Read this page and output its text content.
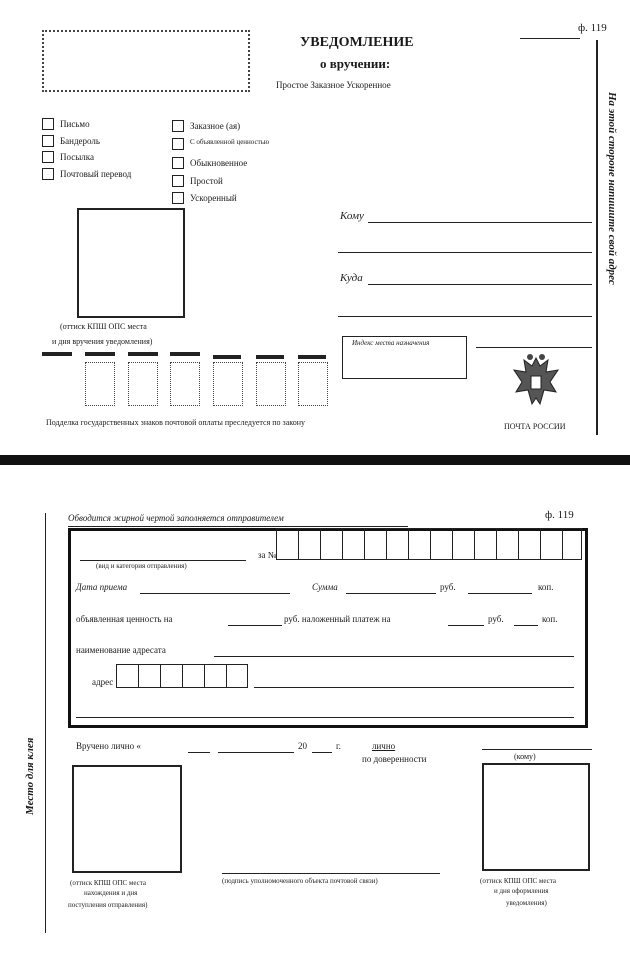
УВЕДОМЛЕНИЕ
о вручении:
Простое Заказное Ускоренное
ф. 119
На этой стороне напишите свой адрес
Письмо
Бандероль
Посылка
Почтовый перевод
Заказное (ая)
С объявленной ценностью
Обыкновенное
Простой
Ускоренный
(оттиск КПШ ОПС места
и дня вручения уведомления)
Подделка государственных знаков почтовой оплаты преследуется по закону
Кому
Куда
Индекс места назначения
ПОЧТА РОССИИ
Место для клея
Обводится жирной чертой заполняется отправителем	ф. 119
(вид и категория отправления)
за №
Дата приема	Сумма	руб.	коп.
объявленная ценность на	руб. наложенный платеж на	руб.	коп.
наименование адресата
адрес
Вручено лично «	20	г.	лично
по доверенности	(кому)
(оттиск КПШ ОПС места
нахождения и дня
поступления отправления)
(подпись уполномоченного объекта почтовой связи)	(оттиск КПШ ОПС места
и дня оформления
уведомления)
